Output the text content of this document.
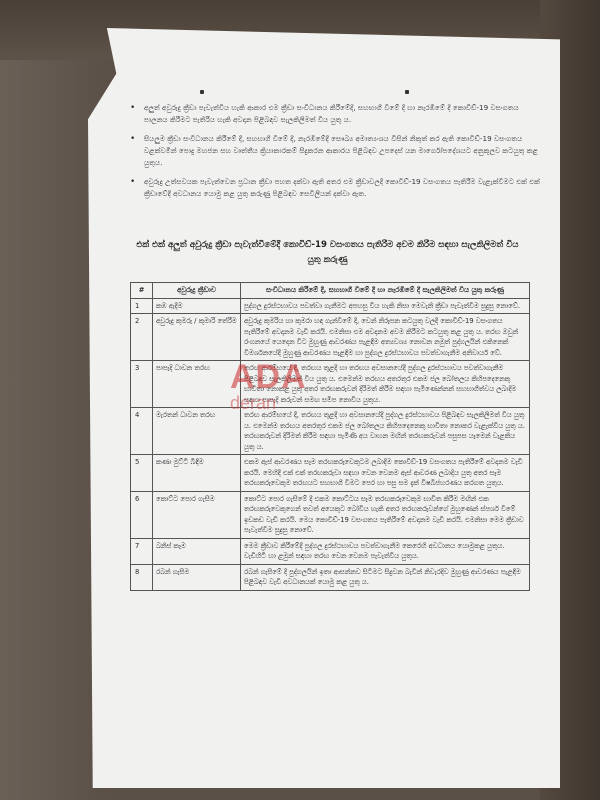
• අලුත් අවුරුදු ක්‍රීඩා පැවැත්විය හැකි ආකාර එම ක්‍රීඩා සංවිධානය කිරීමේදී, සහභාගී වීමේ දී හා නැරඹීමේ දී කොවිඩ්-19 වසංගතය පාලනය කිරීමට පැතිරිය හැකි අවදාන පිළිබඳව සැලකිලිමත් විය යුතු ය.
• සියලුම ක්‍රීඩා සංවිධානය කිරීමේ දී, සහභාගී වීමේ දී, නැරඹීමේදී සෞඛ්‍ය අමාත්‍යංශය විසින් නිකුත් කර ඇති කොවිඩ්-19 වසංගතය වළක්වමින් පොදු මහජන සහ වෘත්තීය ක්‍රියාකාරකම් සිදුකරන ආකාරය පිළිබඳව උපදෙස් යන මාර්ගෝපදේශයට අනුකූලව කටයුතු කළ යුතුය.
• අවුරුදු උත්සවයක පැවැත්වෙන ප්‍රධාන ක්‍රීඩා පහත දක්වා ඇති අතර එම ක්‍රීඩාවලදී කොවිඩ්-19 වසංගතය පැතිරීම වැළැක්වීමට එක් එක් ක්‍රීඩාවේදී අවධානය යොමු කළ යුතු කරුණු පිළිබඳව සෙවිලියන් දක්වා ඇත.
එක් එක් අලුත් අවුරුදු ක්‍රීඩා පැවැත්වීමේදී කොවිඩ්-19 වසංගතය පැතිරීම අවම කිරීම සඳහා සැලකිලිමත් විය යුතු කරුණු
#	අවුරුදු ක්‍රීඩාව	සංවිධානය කිරීමේ දී, සහභාගී වීමේ දී හා නැරඹීමේ දී සැලකිලිමත් විය යුතු කරුණු
1	කඹ ඇදීම	පුද්ගල දුරස්ථභාවය පවත්වා ගැනීමට අපහසු විය හැකි නිසා මෙවැනි ක්‍රීඩා පැවැත්වීම සුදුසු නොවේ.
2	අවුරුදු කුමරු / කුමාරි තේරීම	අවුරුදු කුමරිය හා කුමරා හඳ ගැන්වීමේ දී, වෙන් නිරූපන කටයුතු වලදී කොවිඩ්-19 වසංගතය පැතිරීමේ අවදානම වැඩි කරයි. එමනිසා එම අවදානම අවම කිරීමට කටයුතු කළ යුතු ය. තරඟ ඔවුන් රංගනයේ යෙදෙන විට මුහුණු ආවරණය පැළඳීම අත්‍යවශ්‍ය නොවන නමුත් පුද්ගලයින් එකිනෙක් විමර්ශනයේදී මුහුණු ආවරණය පැළඳීම හා පුද්ගල දුරස්ථභාවය පවත්වාගැනීම අනිවාර්ය වේ.
3	පාපැදි ධාවන තරඟ	තරඟ ආරම්භයේ දී, තරඟය තුළදී හා තරඟය අවසානයේදී පුද්ගල දුරස්ථභාවය පවත්වාගැනීම පිළිබඳව සැලකිලිමත් විය යුතු ය. එමෙන්ම තරඟය අතරතුර එකම ජල බෝතලය කිහිපදෙනෙකු භාවිතා නොකළ යුතු අතර තරඟකරුවන් දිරිමත් කිරීම සඳහා පැමිණෙන්නන් සහභාගීත්වය ලබාදීම සඳහා පාපැදි කරුවන් සමඟ සමීප නොවිය යුතුය.
4	මැරතන් ධාවන තරඟ	තරඟ ආරම්භයේ දී, තරඟය තුළදී හා අවසානයේදී පුද්ගල දුරස්ථභාවය පිළිබඳව සැලකිලිමත් විය යුතු ය. එමෙන්ම තරඟය අතරතුර එකම ජල බෝතලය කිහිපදෙනෙකු භාවිතා නොකර වැළැක්විය යුතු ය. තරඟකරුවන් දිරිමත් කිරීම සඳහා පැමිණි අය වාහන මඟින් තරඟකරුවන් පසුපස යෑමෙන් වැළකිය යුතු ය.
5	කණා මුට්ටි බිඳීම	එකම ඇස් ආවරණය සෑම තරඟකරුවෙකුටම ලබාදීම කොවිඩ්-19 වසංගතය පැතිරීමේ අවදානම වැඩි කරයි. මෙහිදී එක් එක් තරඟකරුවා සඳහා වෙන වෙනම ඇස් ආවරණ ලබාදිය යුතු අතර සෑම තරඟකරුවෙකුම තරඟයට සහභාගී වීමට පෙර හා පසු සම දැක් විෂබීජහරණය කරගත යුතුය.
6	කොට්ට පොර ගැසීම	කොට්ට පොර ගැසීමේ දී එකම කොට්ටය සෑම තරඟකරුවෙකුම භාවිත කිරීම මඟින් එක තරඟකරුවෙකුගෙන් තවත් අයෙකුට බෝවිය හැකි අතර තරඟකරුවන්ගේ මුහුණෙන් ස්පර්ශ වීමේ ඉඩකඩ වැඩි කරයි. මෙය කොවිඩ්-19 වසංගතය පැතිරීමේ අවදානම වැඩි කරයි. එමනිසා මෙම ක්‍රීඩාව පැවැත්වීම සුදුසු නොවේ.
7	බනිස් කෑම	මෙම ක්‍රීඩාව කිරීමේදී පුද්ගල දුරස්ථභාවය පවත්වාගැනීම කෙරෙහි අවධානය යොමුකළ යුතුය. වැඩිහිටි හා ළමුන් සඳහා තරඟ වෙන වෙනම පැවැත්විය යුතුය.
8	රබන් ගැසීම	රබන් ගැසීමේ දී පුද්ගලයින් ඉතා ආසන්නව සිටීමට සිදුවන බැවින් නිවැරදිව මුහුණු ආවරණය පැළඳීම පිළිබඳව වැඩි අවධානයක් යොමු කළ යුතු ය.
ADA
deran
